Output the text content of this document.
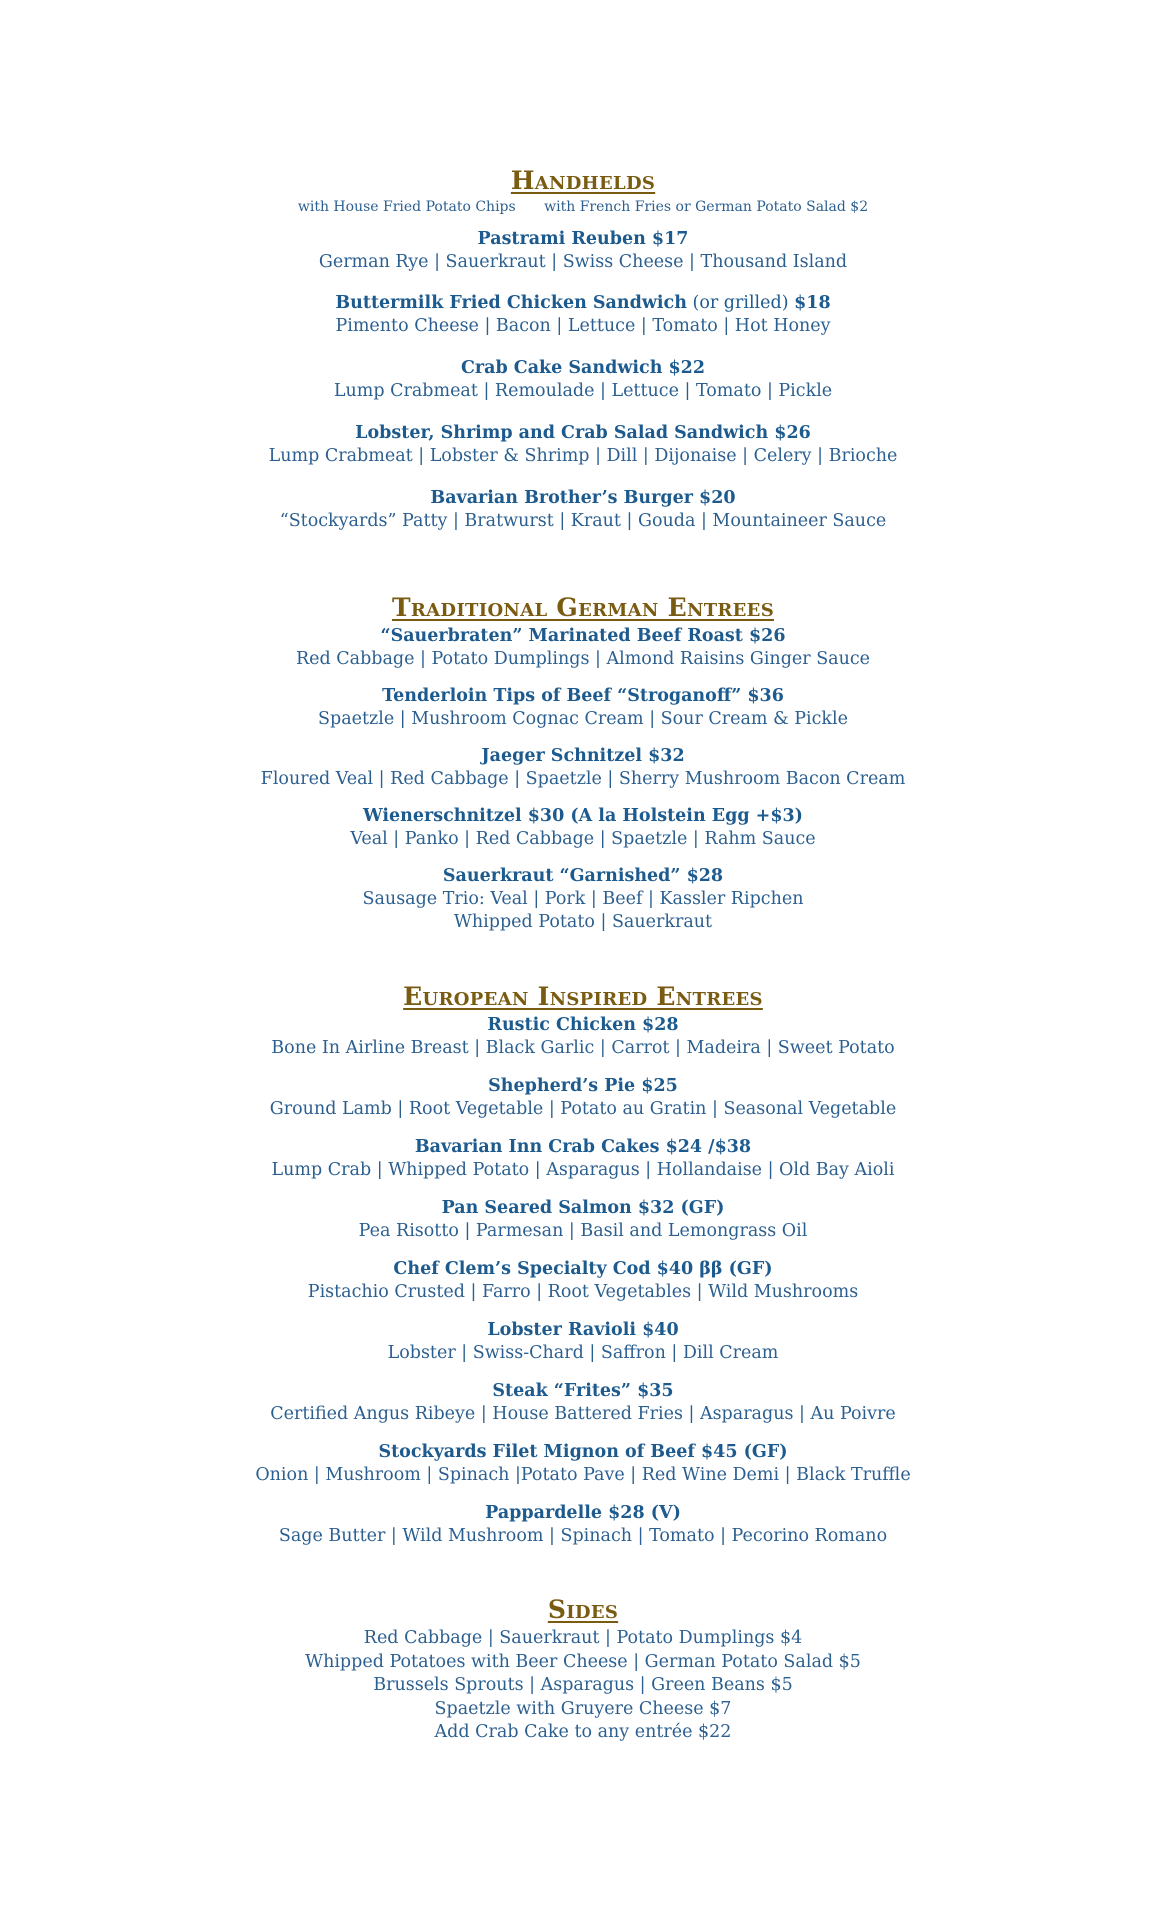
Handhelds
with House Fried Potato Chips with French Fries or German Potato Salad $2
Pastrami Reuben $17
German Rye | Sauerkraut | Swiss Cheese | Thousand Island
Buttermilk Fried Chicken Sandwich (or grilled) $18
Pimento Cheese | Bacon | Lettuce | Tomato | Hot Honey
Crab Cake Sandwich $22
Lump Crabmeat | Remoulade | Lettuce | Tomato | Pickle
Lobster, Shrimp and Crab Salad Sandwich $26
Lump Crabmeat | Lobster & Shrimp | Dill | Dijonaise | Celery | Brioche
Bavarian Brother’s Burger $20
“Stockyards” Patty | Bratwurst | Kraut | Gouda | Mountaineer Sauce
Traditional German Entrees
“Sauerbraten” Marinated Beef Roast $26
Red Cabbage | Potato Dumplings | Almond Raisins Ginger Sauce
Tenderloin Tips of Beef “Stroganoff” $36
Spaetzle | Mushroom Cognac Cream | Sour Cream & Pickle
Jaeger Schnitzel $32
Floured Veal | Red Cabbage | Spaetzle | Sherry Mushroom Bacon Cream
Wienerschnitzel $30 (A la Holstein Egg +$3)
Veal | Panko | Red Cabbage | Spaetzle | Rahm Sauce
Sauerkraut “Garnished” $28
Sausage Trio: Veal | Pork | Beef | Kassler Ripchen
Whipped Potato | Sauerkraut
European Inspired Entrees
Rustic Chicken $28
Bone In Airline Breast | Black Garlic | Carrot | Madeira | Sweet Potato
Shepherd’s Pie $25
Ground Lamb | Root Vegetable | Potato au Gratin | Seasonal Vegetable
Bavarian Inn Crab Cakes $24 /$38
Lump Crab | Whipped Potato | Asparagus | Hollandaise | Old Bay Aioli
Pan Seared Salmon $32 (GF)
Pea Risotto | Parmesan | Basil and Lemongrass Oil
Chef Clem’s Specialty Cod $40 ββ (GF)
Pistachio Crusted | Farro | Root Vegetables | Wild Mushrooms
Lobster Ravioli $40
Lobster | Swiss-Chard | Saffron | Dill Cream
Steak “Frites” $35
Certified Angus Ribeye | House Battered Fries | Asparagus | Au Poivre
Stockyards Filet Mignon of Beef $45 (GF)
Onion | Mushroom | Spinach |Potato Pave | Red Wine Demi | Black Truffle
Pappardelle $28 (V)
Sage Butter | Wild Mushroom | Spinach | Tomato | Pecorino Romano
Sides
Red Cabbage | Sauerkraut | Potato Dumplings $4
Whipped Potatoes with Beer Cheese | German Potato Salad $5
Brussels Sprouts | Asparagus | Green Beans $5
Spaetzle with Gruyere Cheese $7
Add Crab Cake to any entrée $22
